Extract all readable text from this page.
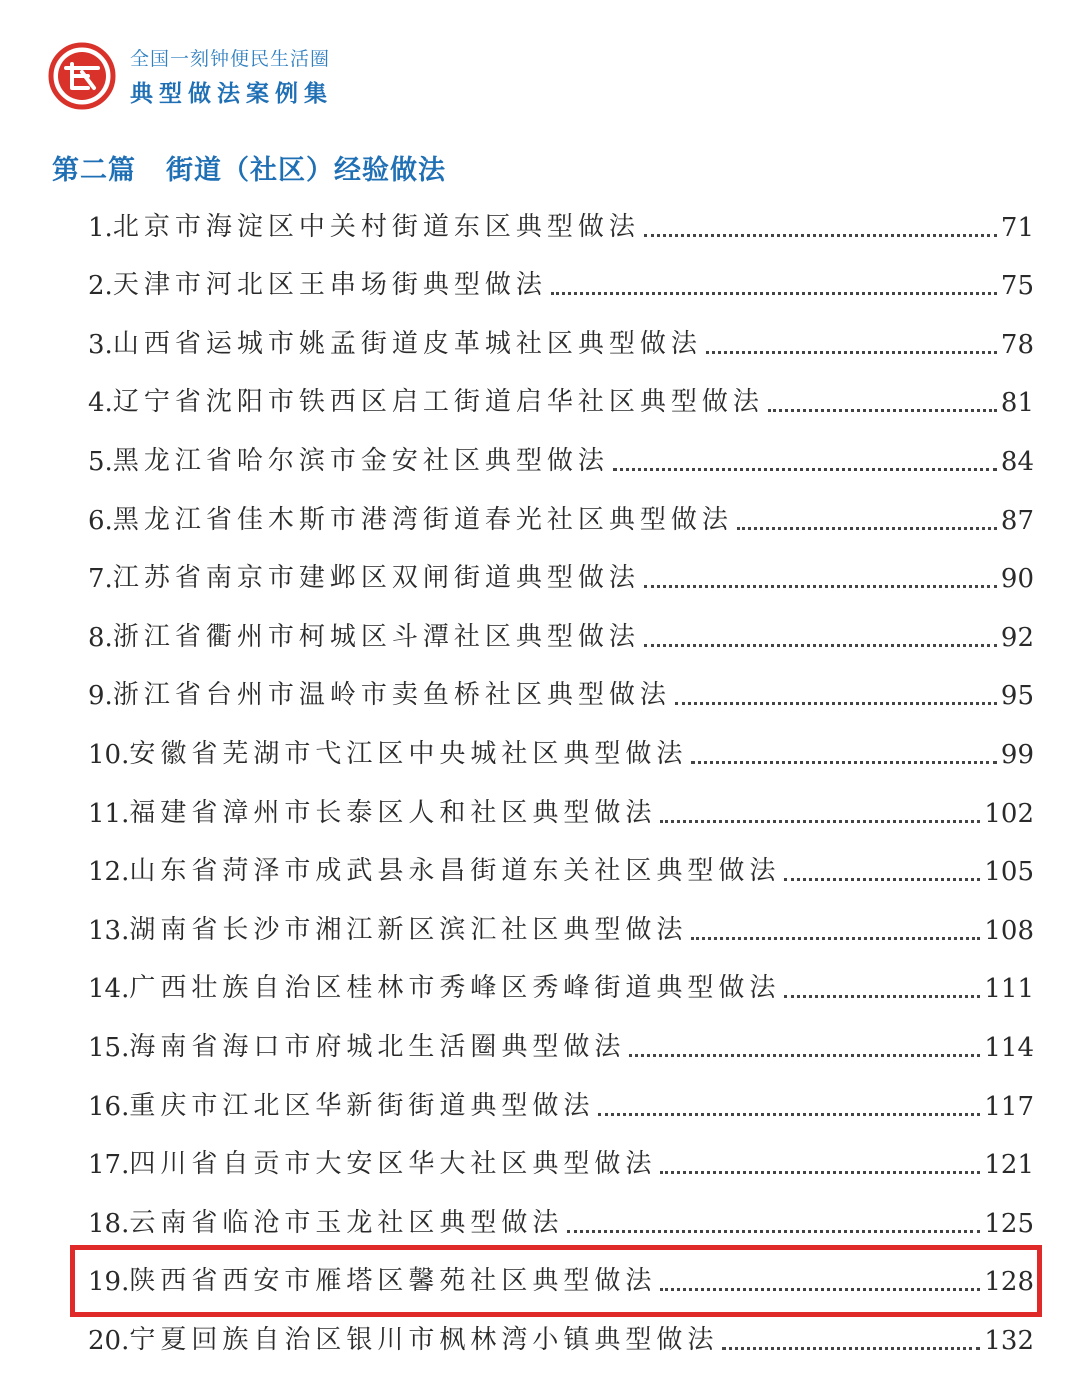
全国一刻钟便民生活圈
典型做法案例集
第二篇 街道（社区）经验做法
1. 北京市海淀区中关村街道东区典型做法	71
2. 天津市河北区王串场街典型做法	75
3. 山西省运城市姚孟街道皮革城社区典型做法	78
4. 辽宁省沈阳市铁西区启工街道启华社区典型做法	81
5. 黑龙江省哈尔滨市金安社区典型做法	84
6. 黑龙江省佳木斯市港湾街道春光社区典型做法	87
7. 江苏省南京市建邺区双闸街道典型做法	90
8. 浙江省衢州市柯城区斗潭社区典型做法	92
9. 浙江省台州市温岭市卖鱼桥社区典型做法	95
10. 安徽省芜湖市弋江区中央城社区典型做法	99
11. 福建省漳州市长泰区人和社区典型做法	102
12. 山东省菏泽市成武县永昌街道东关社区典型做法	105
13. 湖南省长沙市湘江新区滨汇社区典型做法	108
14. 广西壮族自治区桂林市秀峰区秀峰街道典型做法	111
15. 海南省海口市府城北生活圈典型做法	114
16. 重庆市江北区华新街街道典型做法	117
17. 四川省自贡市大安区华大社区典型做法	121
18. 云南省临沧市玉龙社区典型做法	125
19. 陕西省西安市雁塔区馨苑社区典型做法	128
20. 宁夏回族自治区银川市枫林湾小镇典型做法	132
